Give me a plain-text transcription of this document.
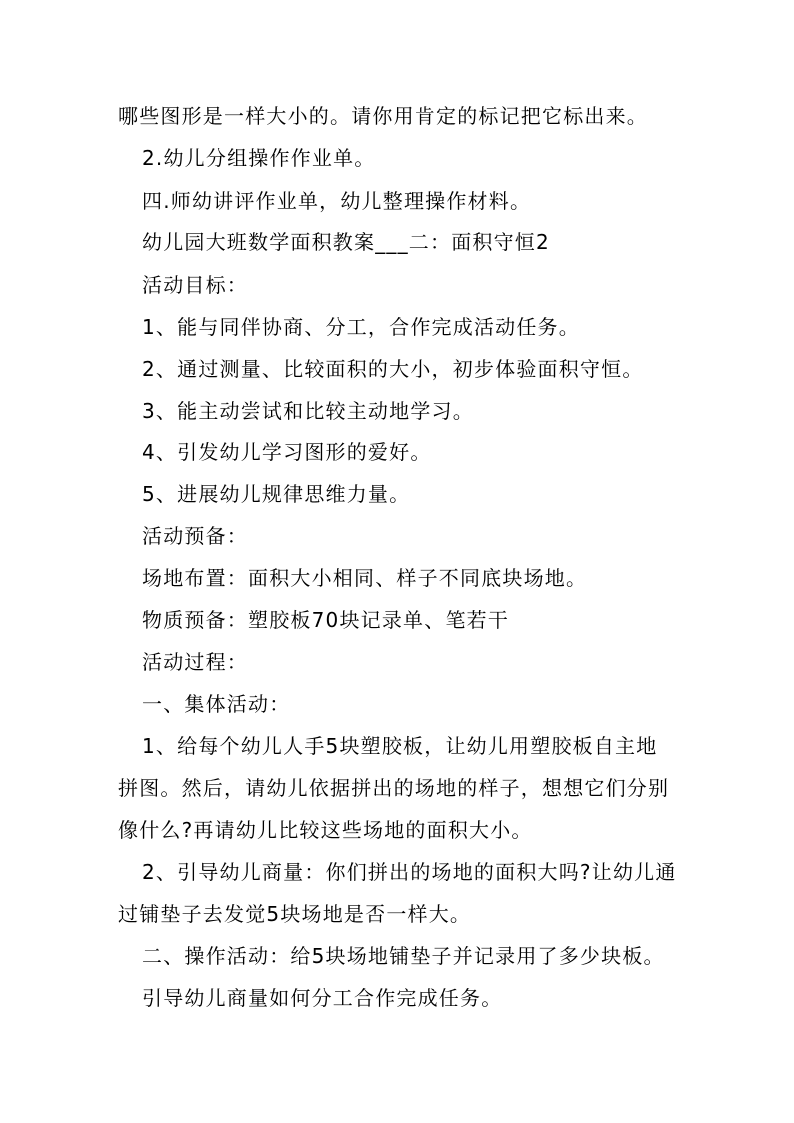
哪些图形是一样大小的。请你用肯定的标记把它标出来。
2.幼儿分组操作作业单。
四.师幼讲评作业单，幼儿整理操作材料。
幼儿园大班数学面积教案___二：面积守恒2
活动目标：
1、能与同伴协商、分工，合作完成活动任务。
2、通过测量、比较面积的大小，初步体验面积守恒。
3、能主动尝试和比较主动地学习。
4、引发幼儿学习图形的爱好。
5、进展幼儿规律思维力量。
活动预备：
场地布置：面积大小相同、样子不同底块场地。
物质预备：塑胶板70块记录单、笔若干
活动过程：
一、集体活动：
1、给每个幼儿人手5块塑胶板，让幼儿用塑胶板自主地
拼图。然后，请幼儿依据拼出的场地的样子，想想它们分别
像什么?再请幼儿比较这些场地的面积大小。
2、引导幼儿商量：你们拼出的场地的面积大吗?让幼儿通
过铺垫子去发觉5块场地是否一样大。
二、操作活动：给5块场地铺垫子并记录用了多少块板。
引导幼儿商量如何分工合作完成任务。
